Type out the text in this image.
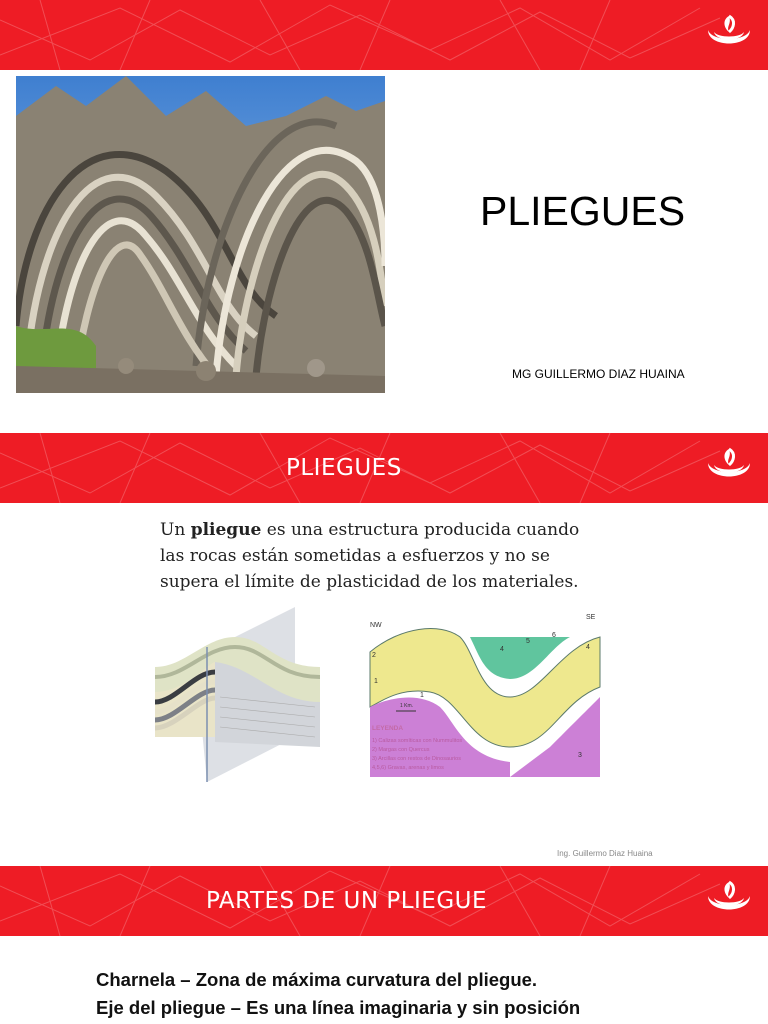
PLIEGUES
MG GUILLERMO DIAZ HUAINA
PLIEGUES
Un pliegue es una estructura producida cuando
las rocas están sometidas a esfuerzos y no se
supera el límite de plasticidad de los materiales.
NW
SE
2
1
1
3
4
5
6
4
1 Km.
LEYENDA
1) Calizas somíticas con Nummulitos
2) Margas con Quercus
3) Arcillas con restos de Dinosaurios
4,5,6) Gravas, arenas y limos
Ing. Guillermo Diaz Huaina
PARTES DE UN PLIEGUE
Charnela – Zona de máxima curvatura del pliegue.
Eje del pliegue – Es una línea imaginaria y sin posición
